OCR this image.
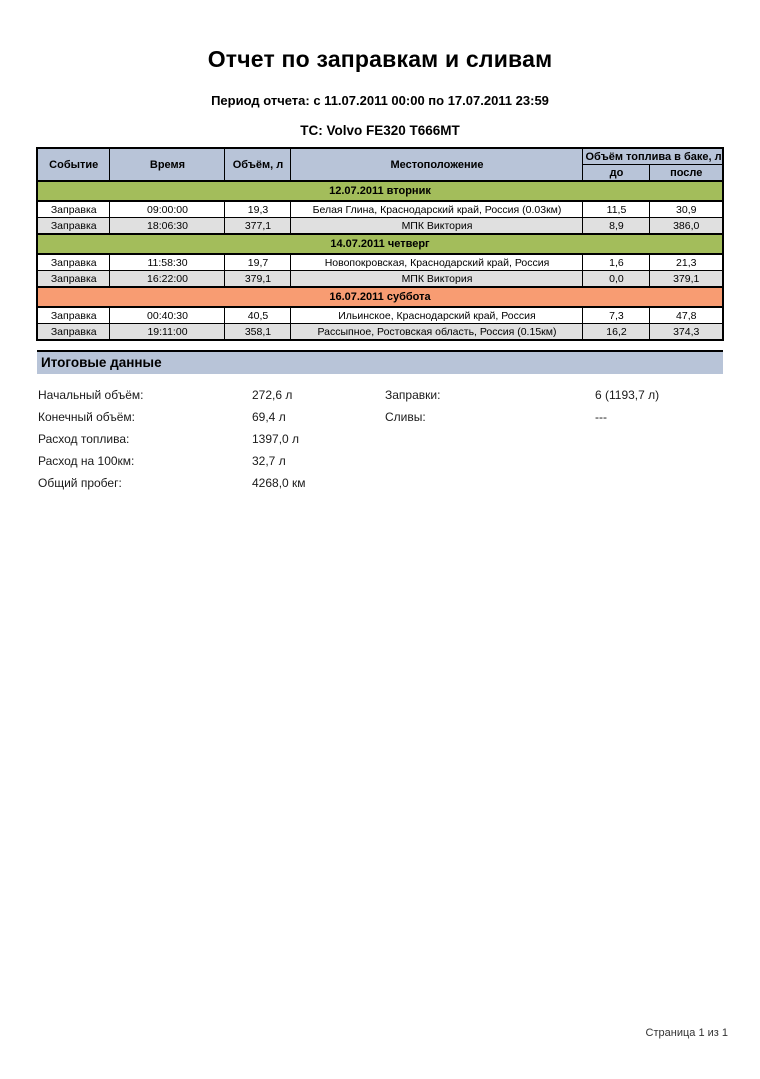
Отчет по заправкам и сливам
Период отчета: с 11.07.2011 00:00 по 17.07.2011 23:59
ТС: Volvo FE320 Т666МТ
Событие	Время	Объём, л	Местоположение	Объём топлива в баке, л	
				до	после
12.07.2011 вторник					
Заправка	09:00:00	19,3	Белая Глина, Краснодарский край, Россия (0.03км)	11,5	30,9
Заправка	18:06:30	377,1	МПК Виктория	8,9	386,0
14.07.2011 четверг					
Заправка	11:58:30	19,7	Новопокровская, Краснодарский край, Россия	1,6	21,3
Заправка	16:22:00	379,1	МПК Виктория	0,0	379,1
16.07.2011 суббота					
Заправка	00:40:30	40,5	Ильинское, Краснодарский край, Россия	7,3	47,8
Заправка	19:11:00	358,1	Рассыпное, Ростовская область, Россия (0.15км)	16,2	374,3
Итоговые данные
Начальный объём:	272,6 л	Заправки:	6 (1193,7 л)
Конечный объём:	69,4 л	Сливы:	---
Расход топлива:	1397,0 л
Расход на 100км:	32,7 л
Общий пробег:	4268,0 км
Страница 1 из 1
